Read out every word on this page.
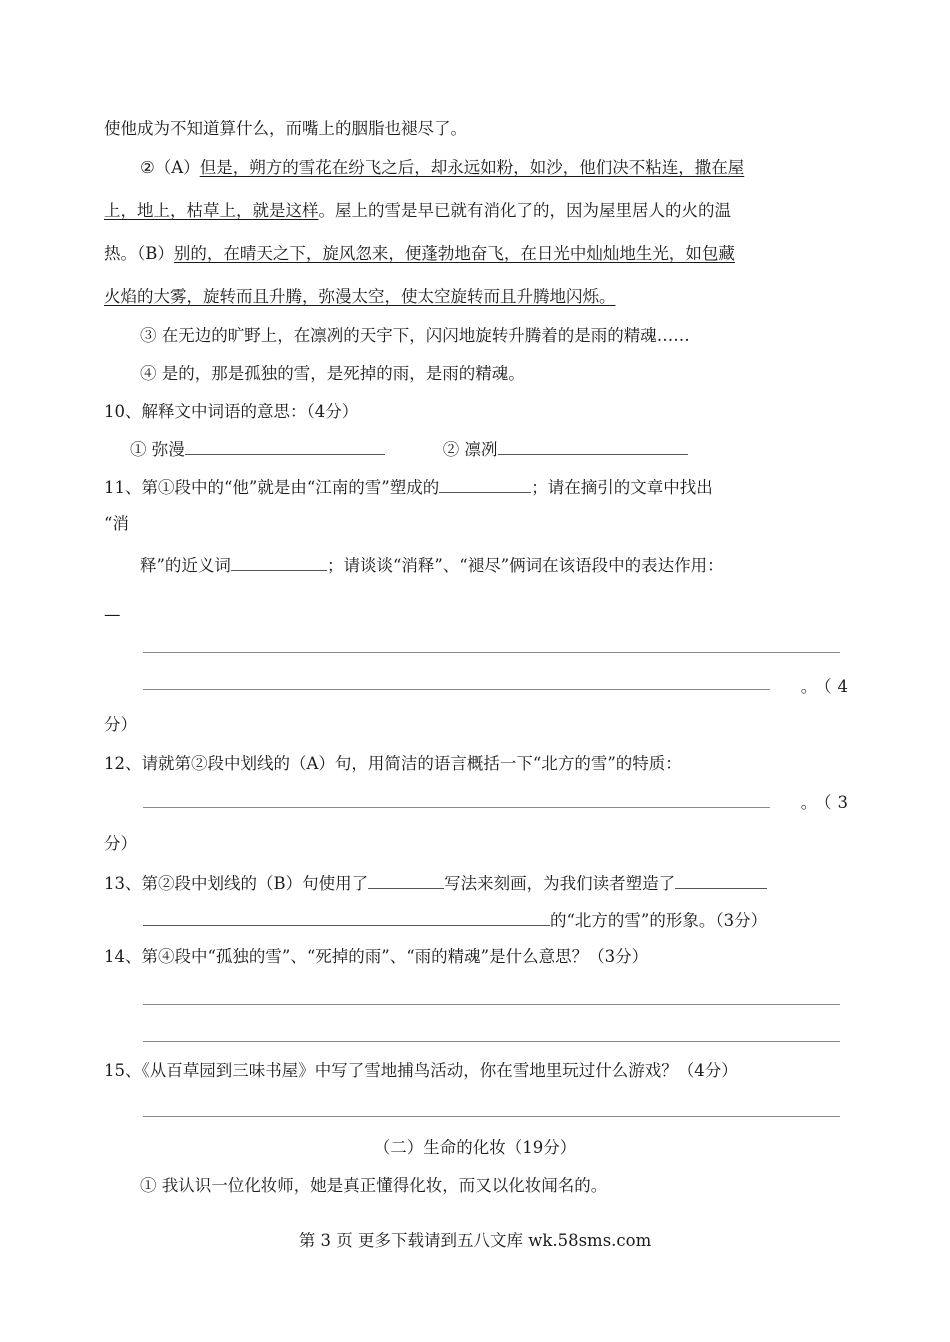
使他成为不知道算什么，而嘴上的胭脂也褪尽了。
②（A）但是，朔方的雪花在纷飞之后，却永远如粉，如沙，他们决不粘连，撒在屋
上，地上，枯草上，就是这样。屋上的雪是早已就有消化了的，因为屋里居人的火的温
热。（B）别的，在晴天之下，旋风忽来，便蓬勃地奋飞，在日光中灿灿地生光，如包藏
火焰的大雾，旋转而且升腾，弥漫太空，使太空旋转而且升腾地闪烁。
③ 在无边的旷野上，在凛冽的天宇下，闪闪地旋转升腾着的是雨的精魂……
④ 是的，那是孤独的雪，是死掉的雨，是雨的精魂。
10、解释文中词语的意思：（4分）
① 弥漫	② 凛冽
11、第①段中的“他”就是由“江南的雪”塑成的	；请在摘引的文章中找出
“消
释”的近义词	；请谈谈“消释”、“褪尽”俩词在该语段中的表达作用：
—
。（4
分）
12、请就第②段中划线的（A）句，用简洁的语言概括一下“北方的雪”的特质：
。（3
分）
13、第②段中划线的（B）句使用了	写法来刻画，为我们读者塑造了
的“北方的雪”的形象。（3分）
14、第④段中“孤独的雪”、“死掉的雨”、“雨的精魂”是什么意思？（3分）
15、《从百草园到三味书屋》中写了雪地捕鸟活动，你在雪地里玩过什么游戏？（4分）
（二）生命的化妆（19分）
① 我认识一位化妆师，她是真正懂得化妆，而又以化妆闻名的。
第 3 页 更多下载请到五八文库 wk.58sms.com
